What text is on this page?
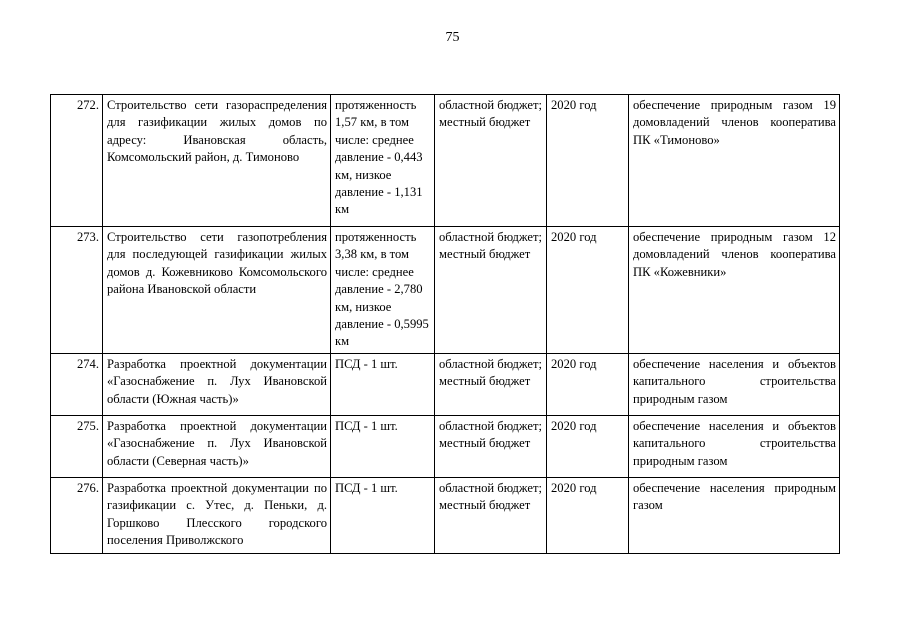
75
272.	Строительство сети газораспределения для газификации жилых домов по адресу: Ивановская область, Комсомольский район, д. Тимоново	протяженность 1,57 км, в том числе: среднее давление - 0,443 км, низкое давление - 1,131 км	областной бюджет; местный бюджет	2020 год	обеспечение природным газом 19 домовладений членов кооператива ПК «Тимоново»
273.	Строительство сети газопотребления для последующей газификации жилых домов д. Кожевниково Комсомольского района Ивановской области	протяженность 3,38 км, в том числе: среднее давление - 2,780 км, низкое давление - 0,5995 км	областной бюджет; местный бюджет	2020 год	обеспечение природным газом 12 домовладений членов кооператива ПК «Кожевники»
274.	Разработка проектной документации «Газоснабжение п. Лух Ивановской области (Южная часть)»	ПСД - 1 шт.	областной бюджет; местный бюджет	2020 год	обеспечение населения и объектов капитального строительства природным газом
275.	Разработка проектной документации «Газоснабжение п. Лух Ивановской области (Северная часть)»	ПСД - 1 шт.	областной бюджет; местный бюджет	2020 год	обеспечение населения и объектов капитального строительства природным газом
276.	Разработка проектной документации по газификации с. Утес, д. Пеньки, д. Горшково Плесского городского поселения Приволжского	ПСД - 1 шт.	областной бюджет; местный бюджет	2020 год	обеспечение населения природным газом
